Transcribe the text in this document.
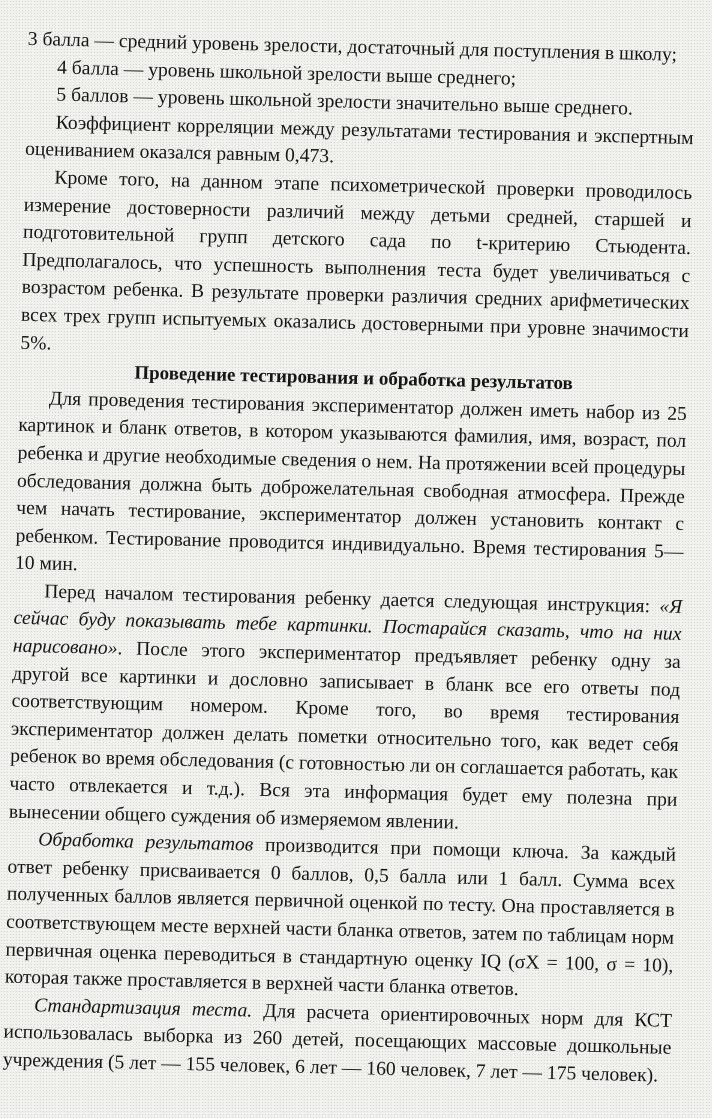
3 балла — средний уровень зрелости, достаточный для поступления в школу;

4 балла — уровень школьной зрелости выше среднего;

5 баллов — уровень школьной зрелости значительно выше среднего.

Коэффициент корреляции между результатами тестирования и экспертным оцениванием оказался равным 0,473.

Кроме того, на данном этапе психометрической проверки проводилось измерение достоверности различий между детьми средней, старшей и подготовительной групп детского сада по t-критерию Стьюдента. Предполагалось, что успешность выполнения теста будет увеличиваться с возрастом ребенка. В результате проверки различия средних арифметических всех трех групп испытуемых оказались достоверными при уровне значимости 5%.

Проведение тестирования и обработка результатов

Для проведения тестирования экспериментатор должен иметь набор из 25 картинок и бланк ответов, в котором указываются фамилия, имя, возраст, пол ребенка и другие необходимые сведения о нем. На протяжении всей процедуры обследования должна быть доброжелательная свободная атмосфера. Прежде чем начать тестирование, экспериментатор должен установить контакт с ребенком. Тестирование проводится индивидуально. Время тестирования 5—10 мин.

Перед началом тестирования ребенку дается следующая инструкция: «Я сейчас буду показывать тебе картинки. Постарайся сказать, что на них нарисовано». После этого экспериментатор предъявляет ребенку одну за другой все картинки и дословно записывает в бланк все его ответы под соответствующим номером. Кроме того, во время тестирования экспериментатор должен делать пометки относительно того, как ведет себя ребенок во время обследования (с готовностью ли он соглашается работать, как часто отвлекается и т.д.). Вся эта информация будет ему полезна при вынесении общего суждения об измеряемом явлении.

Обработка результатов производится при помощи ключа. За каждый ответ ребенку присваивается 0 баллов, 0,5 балла или 1 балл. Сумма всех полученных баллов является первичной оценкой по тесту. Она проставляется в соответствующем месте верхней части бланка ответов, затем по таблицам норм первичная оценка переводиться в стандартную оценку IQ (σX = 100, σ = 10), которая также проставляется в верхней части бланка ответов.

Стандартизация теста. Для расчета ориентировочных норм для КСТ использовалась выборка из 260 детей, посещающих массовые дошкольные учреждения (5 лет — 155 человек, 6 лет — 160 человек, 7 лет — 175 человек).
